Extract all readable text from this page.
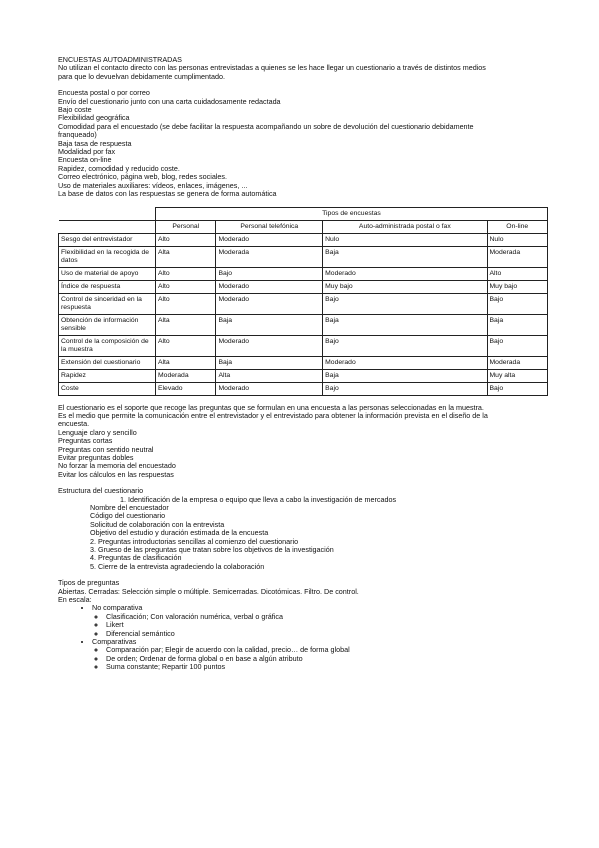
ENCUESTAS AUTOADMINISTRADAS
No utilizan el contacto directo con las personas entrevistadas a quienes se les hace llegar un cuestionario a través de distintos medios
para que lo devuelvan debidamente cumplimentado.
Encuesta postal o por correo
Envío del cuestionario junto con una carta cuidadosamente redactada
Bajo coste
Flexibilidad geográfica
Comodidad para el encuestado (se debe facilitar la respuesta acompañando un sobre de devolución del cuestionario debidamente
franqueado)
Baja tasa de respuesta
Modalidad por fax
Encuesta on-line
Rapidez, comodidad y reducido coste.
Correo electrónico, página web, blog, redes sociales.
Uso de materiales auxiliares: vídeos, enlaces, imágenes, ...
La base de datos con las respuestas se genera de forma automática
	Tipos de encuestas			
	Personal	Personal telefónica	Auto-administrada postal o fax	On-line
Sesgo del entrevistador	Alto	Moderado	Nulo	Nulo
Flexibilidad en la recogida de datos	Alta	Moderada	Baja	Moderada
Uso de material de apoyo	Alto	Bajo	Moderado	Alto
Índice de respuesta	Alto	Moderado	Muy bajo	Muy bajo
Control de sinceridad en la respuesta	Alto	Moderado	Bajo	Bajo
Obtención de información sensible	Alta	Baja	Baja	Baja
Control de la composición de la muestra	Alto	Moderado	Bajo	Bajo
Extensión del cuestionario	Alta	Baja	Moderado	Moderada
Rapidez	Moderada	Alta	Baja	Muy alta
Coste	Elevado	Moderado	Bajo	Bajo
El cuestionario es el soporte que recoge las preguntas que se formulan en una encuesta a las personas seleccionadas en la muestra.
Es el medio que permite la comunicación entre el entrevistador y el entrevistado para obtener la información prevista en el diseño de la
encuesta.
Lenguaje claro y sencillo
Preguntas cortas
Preguntas con sentido neutral
Evitar preguntas dobles
No forzar la memoria del encuestado
Evitar los cálculos en las respuestas
Estructura del cuestionario
1. Identificación de la empresa o equipo que lleva a cabo la investigación de mercados
Nombre del encuestador
Código del cuestionario
Solicitud de colaboración con la entrevista
Objetivo del estudio y duración estimada de la encuesta
2. Preguntas introductorias sencillas al comienzo del cuestionario
3. Grueso de las preguntas que tratan sobre los objetivos de la investigación
4. Preguntas de clasificación
5. Cierre de la entrevista agradeciendo la colaboración
Tipos de preguntas
Abiertas. Cerradas: Selección simple o múltiple. Semicerradas. Dicotómicas. Filtro. De control.
En escala:
• No comparativa
◦ Clasificación; Con valoración numérica, verbal o gráfica
◦ Likert
◦ Diferencial semántico
• Comparativas
◦ Comparación par; Elegir de acuerdo con la calidad, precio… de forma global
◦ De orden; Ordenar de forma global o en base a algún atributo
◦ Suma constante; Repartir 100 puntos
